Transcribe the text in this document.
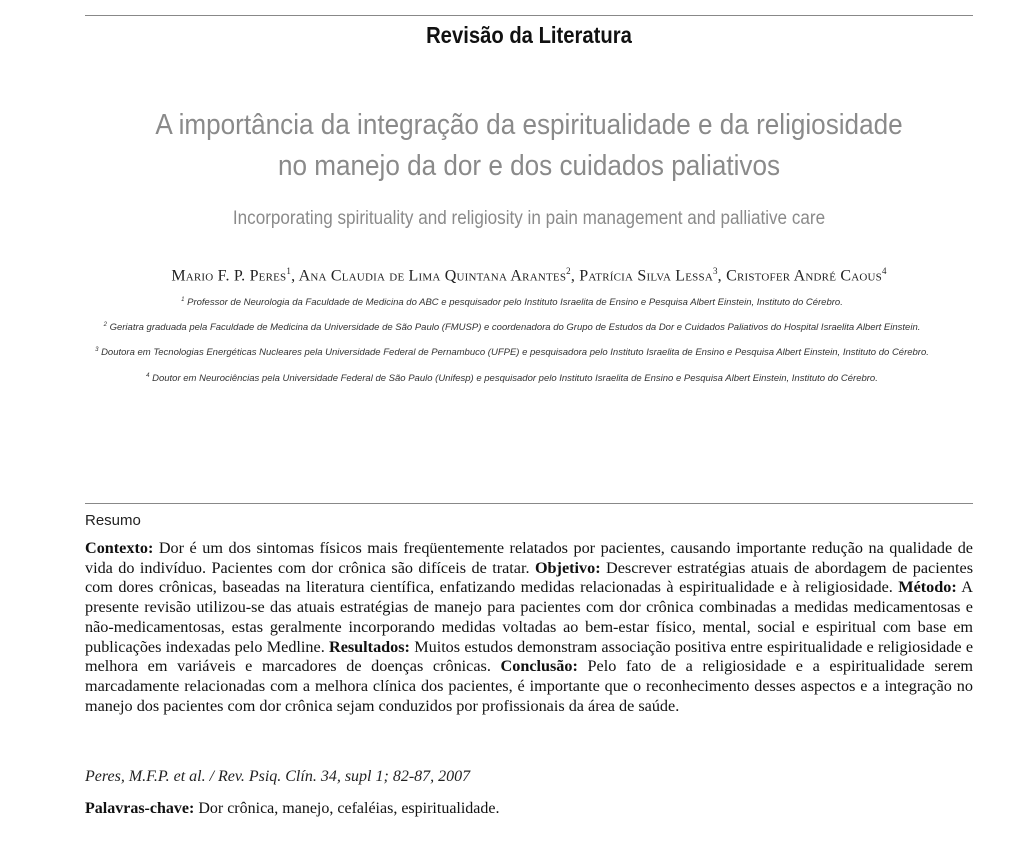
Revisão da Literatura
A importância da integração da espiritualidade e da religiosidade
no manejo da dor e dos cuidados paliativos
Incorporating spirituality and religiosity in pain management and palliative care
Mario F. P. Peres$^1$, Ana Claudia de Lima Quintana Arantes$^2$, Patrícia Silva Lessa$^3$, Cristofer André Caous$^4$
$^1$ Professor de Neurologia da Faculdade de Medicina do ABC e pesquisador pelo Instituto Israelita de Ensino e Pesquisa Albert Einstein, Instituto do Cérebro.
$^2$ Geriatra graduada pela Faculdade de Medicina da Universidade de São Paulo (FMUSP) e coordenadora do Grupo de Estudos da Dor e Cuidados Paliativos do Hospital Israelita Albert Einstein.
$^3$ Doutora em Tecnologias Energéticas Nucleares pela Universidade Federal de Pernambuco (UFPE) e pesquisadora pelo Instituto Israelita de Ensino e Pesquisa Albert Einstein, Instituto do Cérebro.
$^4$ Doutor em Neurociências pela Universidade Federal de São Paulo (Unifesp) e pesquisador pelo Instituto Israelita de Ensino e Pesquisa Albert Einstein, Instituto do Cérebro.
Resumo
Contexto: Dor é um dos sintomas físicos mais freqüentemente relatados por pacientes, causando importante redução na qualidade de vida do indivíduo. Pacientes com dor crônica são difíceis de tratar. Objetivo: Descrever estratégias atuais de abordagem de pacientes com dores crônicas, baseadas na literatura científica, enfatizando medidas relacionadas à espiritualidade e à religiosidade. Método: A presente revisão utilizou-se das atuais estratégias de manejo para pacientes com dor crônica combinadas a medidas medicamentosas e não-medicamentosas, estas geralmente incorporando medidas voltadas ao bem-estar físico, mental, social e espiritual com base em publicações indexadas pelo Medline. Resultados: Muitos estudos demonstram associação positiva entre espiritualidade e religiosidade e melhora em variáveis e marcadores de doenças crônicas. Conclusão: Pelo fato de a religiosidade e a espiritualidade serem marcadamente relacionadas com a melhora clínica dos pacientes, é importante que o reconhecimento desses aspectos e a integração no manejo dos pacientes com dor crônica sejam conduzidos por profissionais da área de saúde.
Peres, M.F.P. et al. / Rev. Psiq. Clín. 34, supl 1; 82-87, 2007
Palavras-chave: Dor crônica, manejo, cefaléias, espiritualidade.
